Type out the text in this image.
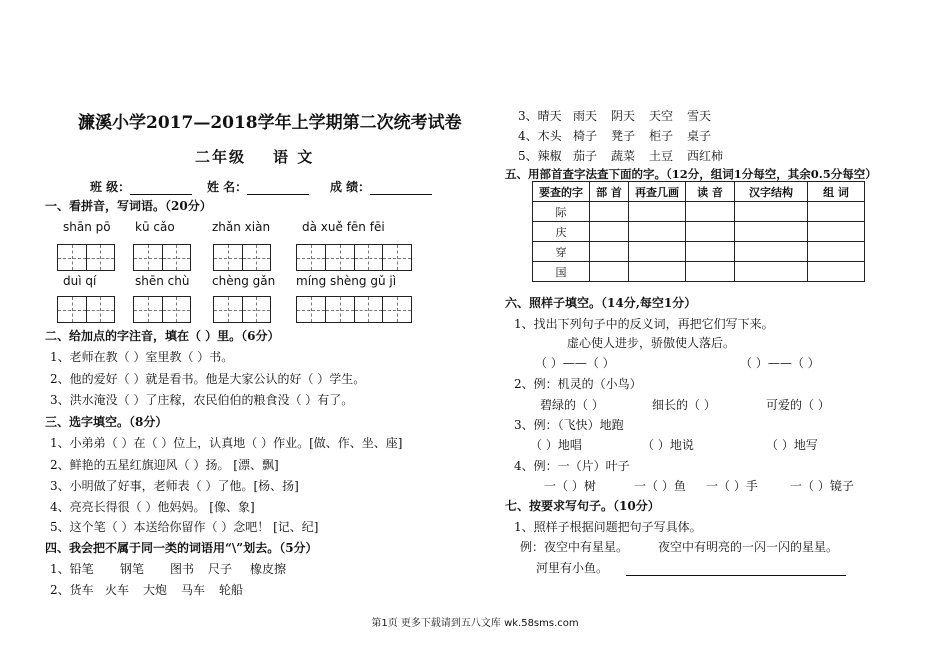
濂溪小学2017—2018学年上学期第二次统考试卷
二年级 语 文
班 级：	姓 名：	成 绩：
一、看拼音，写词语。（20分）
shān pō kū cǎo	zhǎn xiàn	dà xuě fēn fēi
duì qí	shēn chù chèng gǎn míng shèng gǔ jì
二、给加点的字注音，填在（ ）里。（6分）
1、老师在教（ ）室里教（ ）书。
2、他的爱好（ ）就是看书。他是大家公认的好（ ）学生。
3、洪水淹没（ ）了庄稼，农民伯伯的粮食没（ ）有了。
三、选字填空。（8分）
1、小弟弟（ ）在（ ）位上，认真地（ ）作业。[做、作、坐、座]
2、鲜艳的五星红旗迎风（ ）扬。 [漂、飘]
3、小明做了好事，老师表（ ）了他。[杨、扬]
4、亮亮长得很（ ）他妈妈。 [像、象]
5、这个笔（ ）本送给你留作（ ）念吧！ [记、纪]
四、我会把不属于同一类的词语用“\”划去。（5分）
1、铅笔 钢笔 图书 尺子 橡皮擦
2、货车 火车 大炮 马车 轮船
3、晴天 雨天 阴天 天空 雪天
4、木头 椅子 凳子 柜子 桌子
5、辣椒 茄子 蔬菜 土豆 西红柿
五、用部首查字法查下面的字。（12分，组词1分每空，其余0.5分每空）
要查的字	部 首	再查几画	读 音	汉字结构	组 词
际					
庆					
穿					
国					
六、照样子填空。（14分,每空1分）
1、找出下列句子中的反义词，再把它们写下来。
虚心使人进步，骄傲使人落后。
（ ）——（ ）	（ ）——（ ）
2、例：机灵的（小鸟）
碧绿的（ ）	细长的（ ）	可爱的（ ）
3、例：（飞快）地跑
（ ）地唱	（ ）地说	（ ）地写
4、例：一（片）叶子
一（ ）树	一（ ）鱼 一（ ）手	一（ ）镜子
七、按要求写句子。（10分）
1、照样子根据问题把句子写具体。
例：夜空中有星星。 夜空中有明亮的一闪一闪的星星。
河里有小鱼。
第1页 更多下载请到五八文库 wk.58sms.com
